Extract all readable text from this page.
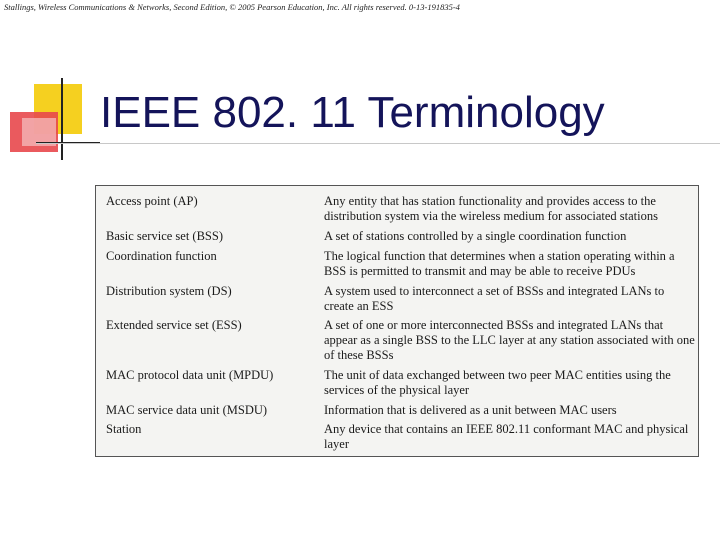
Stallings, Wireless Communications & Networks, Second Edition, © 2005 Pearson Education, Inc. All rights reserved. 0-13-191835-4
IEEE 802. 11 Terminology
Access point (AP)	Any entity that has station functionality and provides access to the distribution system via the wireless medium for associated stations
Basic service set (BSS)	A set of stations controlled by a single coordination function
Coordination function	The logical function that determines when a station operating within a BSS is permitted to transmit and may be able to receive PDUs
Distribution system (DS)	A system used to interconnect a set of BSSs and integrated LANs to create an ESS
Extended service set (ESS)	A set of one or more interconnected BSSs and integrated LANs that appear as a single BSS to the LLC layer at any station associated with one of these BSSs
MAC protocol data unit (MPDU)	The unit of data exchanged between two peer MAC entities using the services of the physical layer
MAC service data unit (MSDU)	Information that is delivered as a unit between MAC users
Station	Any device that contains an IEEE 802.11 conformant MAC and physical layer
